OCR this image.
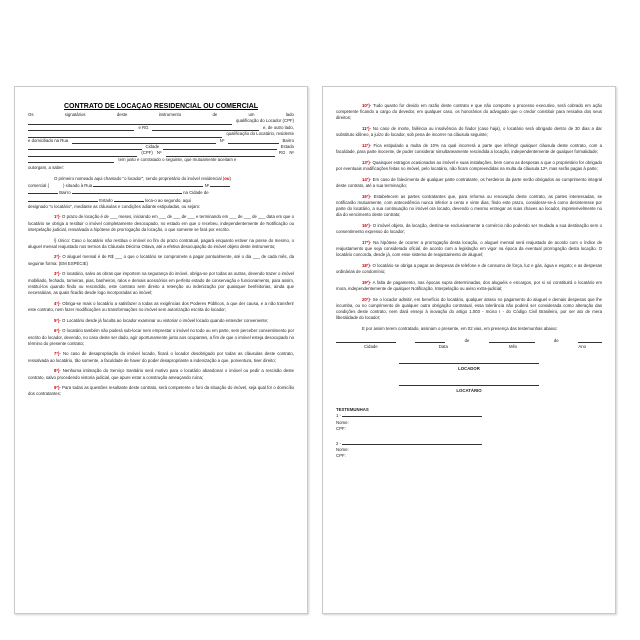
CONTRATO DE LOCAÇÃO RESIDENCIAL OU COMERCIAL
Os	signatários	deste	instrumento	de	um	lado
qualificação do Locador (CPF)
e RG	e, de outro lado,
qualificação do Locatário, residente
e domiciliado na Rua	Nº	Bairro
Cidade	Estado
(CPF) Nº	RG Nº
tem justo e contratado o seguinte, que mutuamente aceitam e
outorgam, a saber:
O primeiro nomeado aqui chamado "o locador", sendo proprietário do imóvel residencial (ou)
comercial (	) situado à Rua	Nº
Bairro	na Cidade de
Estado	loca-o ao segundo, aqui
designado "o locatário", mediante as cláusulas e condições adiante estipuladas, ou sejam:
1ª)- O prazo de locação é de ___ meses, iniciando em ___ de ___ de ___ e terminando em ___ de ___ de ___ data em que o locatário se obriga a restituir o imóvel completamente desocupado, no estado em que o recebeu, independentemente de Notificação ou interpelação judicial, ressalvada a hipótese de prorrogação da locação, o que somente se fará por escrito.
§ Único: Caso o locatário não restitua o imóvel no fim do prazo contratual, pagará enquanto estiver na posse do mesmo, o aluguel mensal reajustado nos termos da Cláusula Décima Oitava, até a efetiva desocupação do imóvel objeto deste instrumento;
2ª)- O aluguel mensal é de R$ ___ o que o locatário se compromete a pagar pontualmente, até o dia ___ de cada mês, da seguinte forma: (EM ESPÉCIE)
3ª)- O locatário, salvo as obras que importem na segurança do imóvel, obriga-se por todas as outras, devendo trazer o imóvel mobiliado, fechado, torneiras, pias, banheiros, ralos e demais acessórios em perfeito estado de conservação e funcionamento, para assim, restituí-los quando findo ou rescindido, este contrato sem direito a retenção ou indenização por quaisquer benfeitorias, ainda que necessárias, as quais ficarão desde logo incorporadas ao imóvel;
4ª)- Obriga-se mais o locatário a satisfazer a todas as exigências dos Poderes Públicos, a que der causa, e a não transferir este contrato, nem fazer modificações ou transformações no imóvel sem autorização escrita do locador;
5ª)- O Locatário desde já faculta ao locador examinar ou vistoriar o imóvel locado quando entender conveniente;
6ª)- O locatário também não poderá sub-locar nem emprestar o imóvel no todo ou em parte, sem perceber consentimento por escrito do locador, devendo, no caso deste ser dado, agir oportunamente junto aos ocupantes, a fim de que o imóvel esteja desocupado no término do presente contrato;
7ª)- No caso de desapropriação do imóvel locado, ficará o locador desobrigado por todas as cláusulas deste contrato, ressalvada ao locatário, tão somente, a faculdade de haver do poder desapropriante a indenização a que, porventura, tiver direito;
8ª)- Nenhuma intimação do Serviço Sanitário será motivo para o locatário abandonar o imóvel ou pedir a rescisão deste contrato, salvo procedendo vistoria judicial, que apure estar a construção ameaçando ruína;
9ª)- Para todas as questões resultante deste contrato, será competente o foro da situação do imóvel, seja qual for o domicílio dos contratantes;
10ª)- Tudo quanto for devido em razão deste contrato e que não comporte o processo executivo, será cobrado em ação competente ficando a cargo do devedor, em qualquer caso, os honorários do advogado que o credor constituir para ressalva dos seus direitos;
11ª)- No caso de morte, falência ou insolvência do fiador (caso haja), o locatário será obrigado dentro de 30 dias a dar substituto idôneo, a juízo do locador, sob pena de incorrer na cláusula seguinte;
12ª)- Fica estipulado a multa de 10% na qual incorrerá a parte que infringir qualquer cláusula deste contrato, com a faculdade, para parte inocente, de poder considerar simultaneamente rescindida a locação, independentemente de qualquer formalidade;
13ª)- Quaisquer estragos ocasionados ao imóvel e suas instalações, bem como as despesas a que o proprietário for obrigado por eventuais modificações feitas no imóvel, pelo locatário, não ficam compreendidas na multa da cláusula 12ª, mas serão pagas à parte;
14ª)- Em caso de falecimento de qualquer parte contratante, os herdeiros da parte serão obrigados ao cumprimento integral deste contrato, até a sua terminação;
15ª)- Estabelecem as partes contratantes que, para reforma ou renovação deste contrato, as partes interessadas, se notificarão mutuamente, com antecedência nunca inferior a cento e vinte dias, findo este prazo, considerar-se-á como desinteresse por parte do locatário, a sua continuação no imóvel ora locado, devendo o mesmo entregar as suas chaves ao locador, impreterivelmente no dia do vencimento deste contrato;
16ª)- O imóvel objeto, da locação, destina-se exclusivamente a comércio não podendo ser mudada a sua destinação sem o consentimento expresso do locador;
17ª)- Na hipótese de ocorrer a prorrogação desta locação, o aluguel mensal será reajustado de acordo com o índice de reajustamento que seja considerado oficial, de acordo com a legislação em vigor na época da eventual prorrogação desta locação. O locatário concorda, desde já, com esse sistema de reajustamento de aluguel;
18ª)- O locatário se obriga a pagar as despesas de telefone e de consumo de força, luz e gás, água e esgoto; e as despesas ordinárias de condomínio;
19ª)- A falta de pagamento, nas épocas supra determinadas, dos aluguéis e encargos, por si só constituirá o locatário em mora, independentemente de qualquer Notificação, Interpelação ou aviso extra-judicial;
20ª)- Se o locador admitir, em benefício do locatário, qualquer atraso no pagamento do aluguel e demais despesas que lhe incumba, ou no cumprimento de qualquer outra obrigação contratual, essa tolerância não poderá ser considerada como alteração das condições deste contrato, nem dará ensejo à inovação do artigo 1.003 - Inciso I - do Código Civil Brasileiro, por ser ato de mera liberalidade do locador;
E por assim terem contratado, assinam o presente, em 02 vias, em presença das testemunhas abaixo:
de	de
Cidade	Data	Mês	Ano
LOCADOR
LOCATÁRIO
TESTEMUNHAS
1 -
Nome:
CPF:
2 -
Nome:
CPF:
